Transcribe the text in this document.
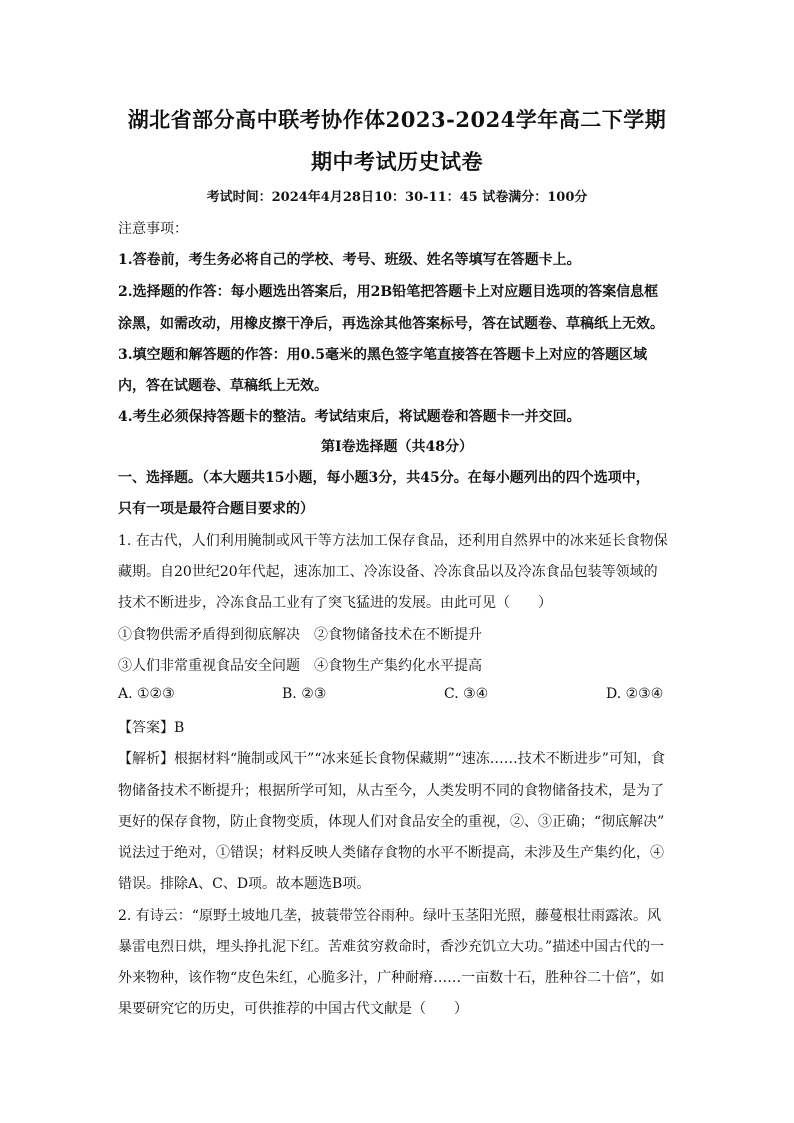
湖北省部分高中联考协作体2023-2024学年高二下学期
期中考试历史试卷
考试时间：2024年4月28日10：30-11：45 试卷满分：100分
注意事项：
1.答卷前，考生务必将自己的学校、考号、班级、姓名等填写在答题卡上。
2.选择题的作答：每小题选出答案后，用2B铅笔把答题卡上对应题目选项的答案信息框
涂黑，如需改动，用橡皮擦干净后，再选涂其他答案标号，答在试题卷、草稿纸上无效。
3.填空题和解答题的作答：用0.5毫米的黑色签字笔直接答在答题卡上对应的答题区域
内，答在试题卷、草稿纸上无效。
4.考生必须保持答题卡的整洁。考试结束后，将试题卷和答题卡一并交回。
第Ⅰ卷选择题（共48分）
一、选择题。（本大题共15小题，每小题3分，共45分。在每小题列出的四个选项中，
只有一项是最符合题目要求的）
1. 在古代，人们利用腌制或风干等方法加工保存食品，还利用自然界中的冰来延长食物保
藏期。自20世纪20年代起，速冻加工、冷冻设备、冷冻食品以及冷冻食品包装等领域的
技术不断进步，冷冻食品工业有了突飞猛进的发展。由此可见（　　）
①食物供需矛盾得到彻底解决　②食物储备技术在不断提升
③人们非常重视食品安全问题　④食物生产集约化水平提高
A. ①②③	B. ②③	C. ③④	D. ②③④
【答案】B
【解析】根据材料“腌制或风干”“冰来延长食物保藏期”“速冻……技术不断进步”可知，食
物储备技术不断提升；根据所学可知，从古至今，人类发明不同的食物储备技术，是为了
更好的保存食物，防止食物变质，体现人们对食品安全的重视，②、③正确；“彻底解决”
说法过于绝对，①错误；材料反映人类储存食物的水平不断提高，未涉及生产集约化，④
错误。排除A、C、D项。故本题选B项。
2. 有诗云：“原野土坡地几垄，披蓑带笠谷雨种。绿叶玉茎阳光照，藤蔓根壮雨露浓。风
暴雷电烈日烘，埋头挣扎泥下红。苦难贫穷救命时，香沙充饥立大功。”描述中国古代的一
外来物种，该作物“皮色朱红，心脆多汁，广种耐瘠……一亩数十石，胜种谷二十倍”，如
果要研究它的历史，可供推荐的中国古代文献是（　　）
